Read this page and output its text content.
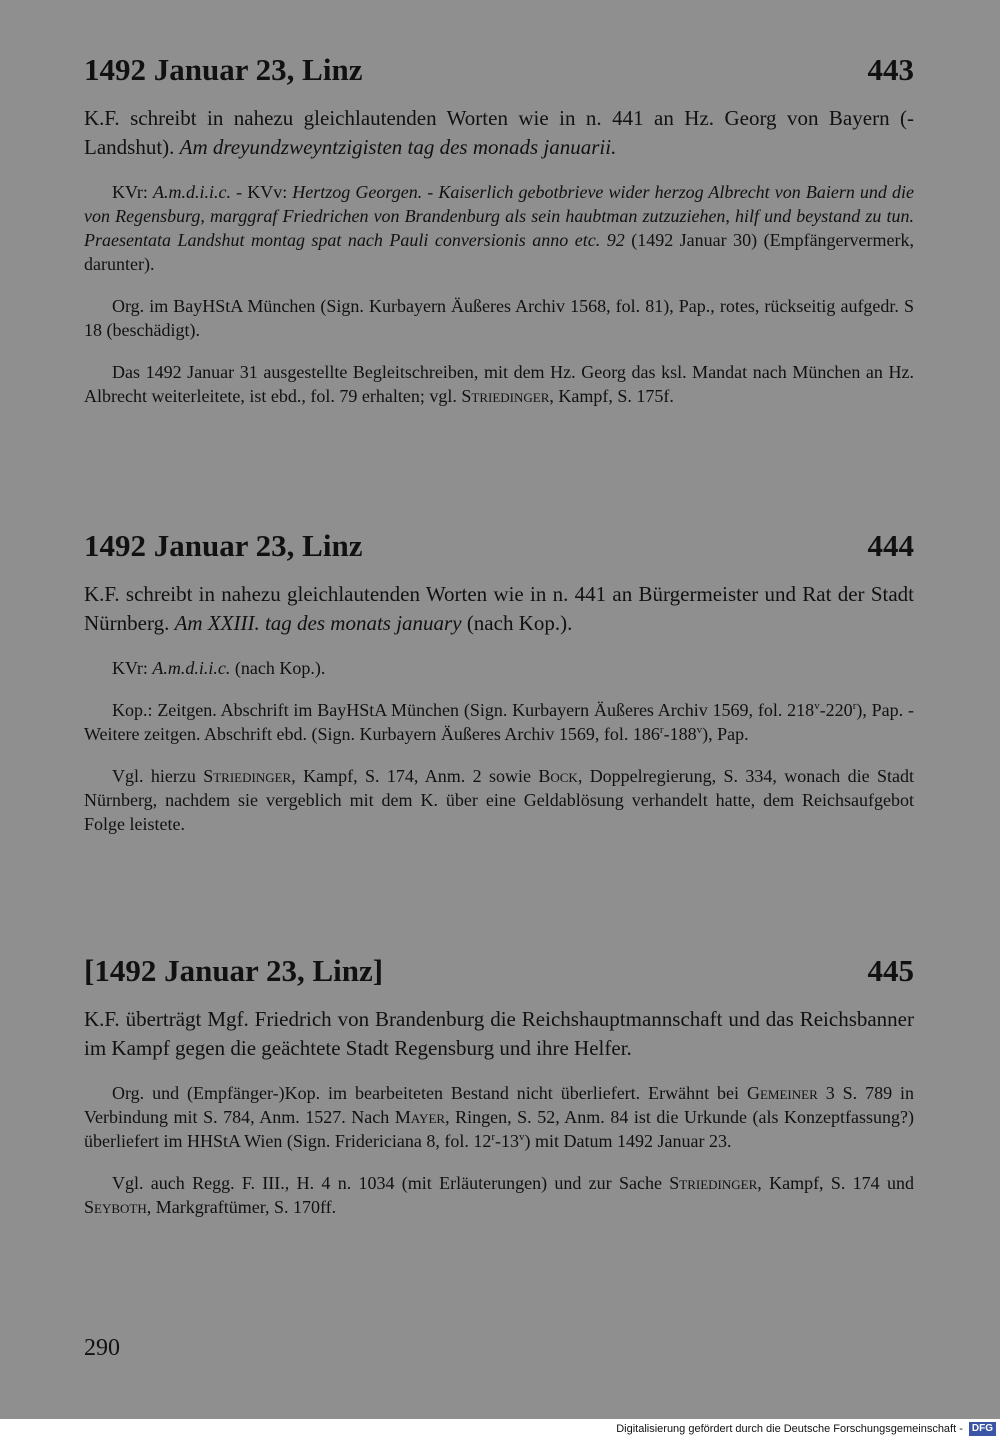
1492 Januar 23, Linz	443
K.F. schreibt in nahezu gleichlautenden Worten wie in n. 441 an Hz. Georg von Bayern (-Landshut). Am dreyundzweyntzigisten tag des monads januarii.
KVr: A.m.d.i.i.c. - KVv: Hertzog Georgen. - Kaiserlich gebotbrieve wider herzog Albrecht von Baiern und die von Regensburg, marggraf Friedrichen von Brandenburg als sein haubtman zutzuziehen, hilf und beystand zu tun. Praesentata Landshut montag spat nach Pauli conversionis anno etc. 92 (1492 Januar 30) (Empfängervermerk, darunter).
Org. im BayHStA München (Sign. Kurbayern Äußeres Archiv 1568, fol. 81), Pap., rotes, rückseitig aufgedr. S 18 (beschädigt).
Das 1492 Januar 31 ausgestellte Begleitschreiben, mit dem Hz. Georg das ksl. Mandat nach München an Hz. Albrecht weiterleitete, ist ebd., fol. 79 erhalten; vgl. Striedinger, Kampf, S. 175f.
1492 Januar 23, Linz	444
K.F. schreibt in nahezu gleichlautenden Worten wie in n. 441 an Bürgermeister und Rat der Stadt Nürnberg. Am XXIII. tag des monats january (nach Kop.).
KVr: A.m.d.i.i.c. (nach Kop.).
Kop.: Zeitgen. Abschrift im BayHStA München (Sign. Kurbayern Äußeres Archiv 1569, fol. 218$^v$-220$^r$), Pap. - Weitere zeitgen. Abschrift ebd. (Sign. Kurbayern Äußeres Archiv 1569, fol. 186$^r$-188$^v$), Pap.
Vgl. hierzu Striedinger, Kampf, S. 174, Anm. 2 sowie Bock, Doppelregierung, S. 334, wonach die Stadt Nürnberg, nachdem sie vergeblich mit dem K. über eine Geldablösung verhandelt hatte, dem Reichsaufgebot Folge leistete.
[1492 Januar 23, Linz]	445
K.F. überträgt Mgf. Friedrich von Brandenburg die Reichshauptmannschaft und das Reichsbanner im Kampf gegen die geächtete Stadt Regensburg und ihre Helfer.
Org. und (Empfänger-)Kop. im bearbeiteten Bestand nicht überliefert. Erwähnt bei Gemeiner 3 S. 789 in Verbindung mit S. 784, Anm. 1527. Nach Mayer, Ringen, S. 52, Anm. 84 ist die Urkunde (als Konzeptfassung?) überliefert im HHStA Wien (Sign. Fridericiana 8, fol. 12$^r$-13$^v$) mit Datum 1492 Januar 23.
Vgl. auch Regg. F. III., H. 4 n. 1034 (mit Erläuterungen) und zur Sache Striedinger, Kampf, S. 174 und Seyboth, Markgraftümer, S. 170ff.
290
Digitalisierung gefördert durch die Deutsche Forschungsgemeinschaft - DFG
